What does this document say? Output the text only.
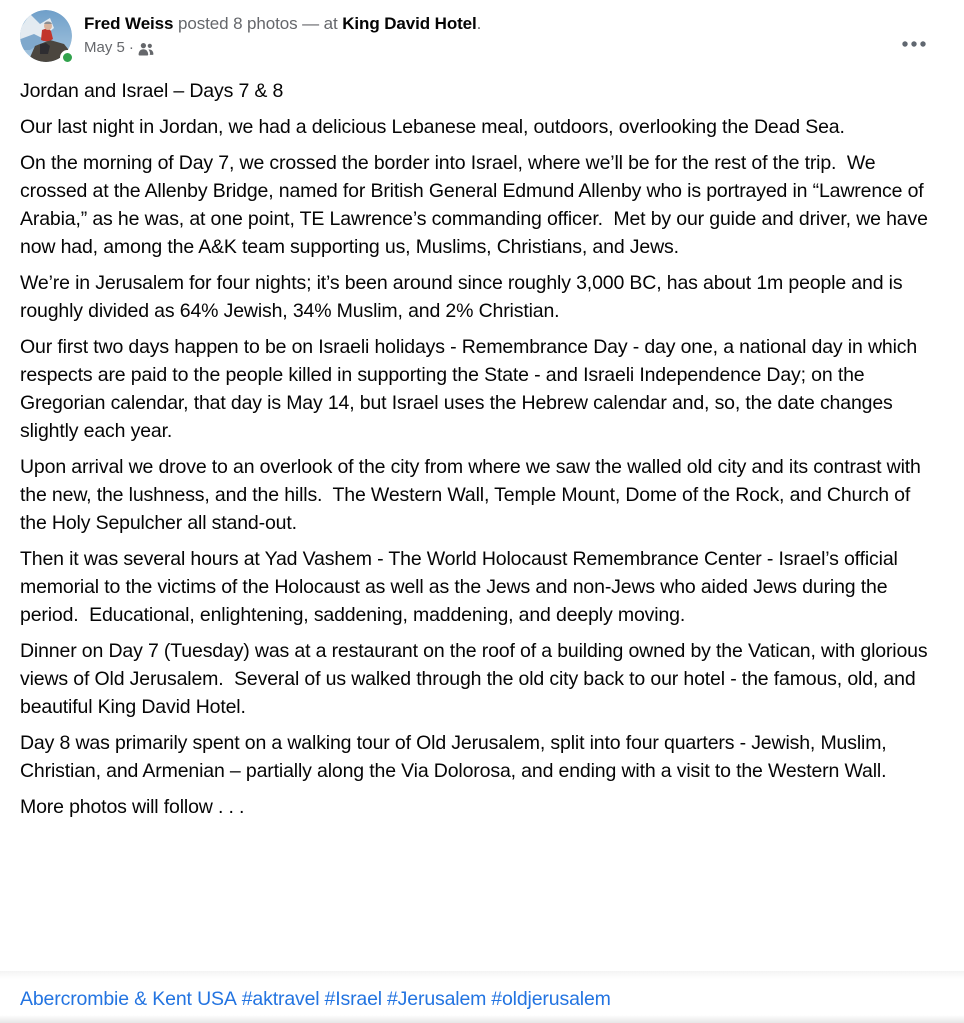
Fred Weiss posted 8 photos — at King David Hotel.
May 5 ·

Jordan and Israel – Days 7 & 8

Our last night in Jordan, we had a delicious Lebanese meal, outdoors, overlooking the Dead Sea.

On the morning of Day 7, we crossed the border into Israel, where we’ll be for the rest of the trip.  We crossed at the Allenby Bridge, named for British General Edmund Allenby who is portrayed in “Lawrence of Arabia,” as he was, at one point, TE Lawrence’s commanding officer.  Met by our guide and driver, we have now had, among the A&K team supporting us, Muslims, Christians, and Jews.

We’re in Jerusalem for four nights; it’s been around since roughly 3,000 BC, has about 1m people and is roughly divided as 64% Jewish, 34% Muslim, and 2% Christian.

Our first two days happen to be on Israeli holidays - Remembrance Day - day one, a national day in which respects are paid to the people killed in supporting the State - and Israeli Independence Day; on the Gregorian calendar, that day is May 14, but Israel uses the Hebrew calendar and, so, the date changes slightly each year.

Upon arrival we drove to an overlook of the city from where we saw the walled old city and its contrast with the new, the lushness, and the hills.  The Western Wall, Temple Mount, Dome of the Rock, and Church of the Holy Sepulcher all stand-out.

Then it was several hours at Yad Vashem - The World Holocaust Remembrance Center - Israel’s official memorial to the victims of the Holocaust as well as the Jews and non-Jews who aided Jews during the period.  Educational, enlightening, saddening, maddening, and deeply moving.

Dinner on Day 7 (Tuesday) was at a restaurant on the roof of a building owned by the Vatican, with glorious views of Old Jerusalem.  Several of us walked through the old city back to our hotel - the famous, old, and beautiful King David Hotel.

Day 8 was primarily spent on a walking tour of Old Jerusalem, split into four quarters - Jewish, Muslim, Christian, and Armenian – partially along the Via Dolorosa, and ending with a visit to the Western Wall.

More photos will follow . . .

Abercrombie & Kent USA #aktravel #Israel #Jerusalem #oldjerusalem
